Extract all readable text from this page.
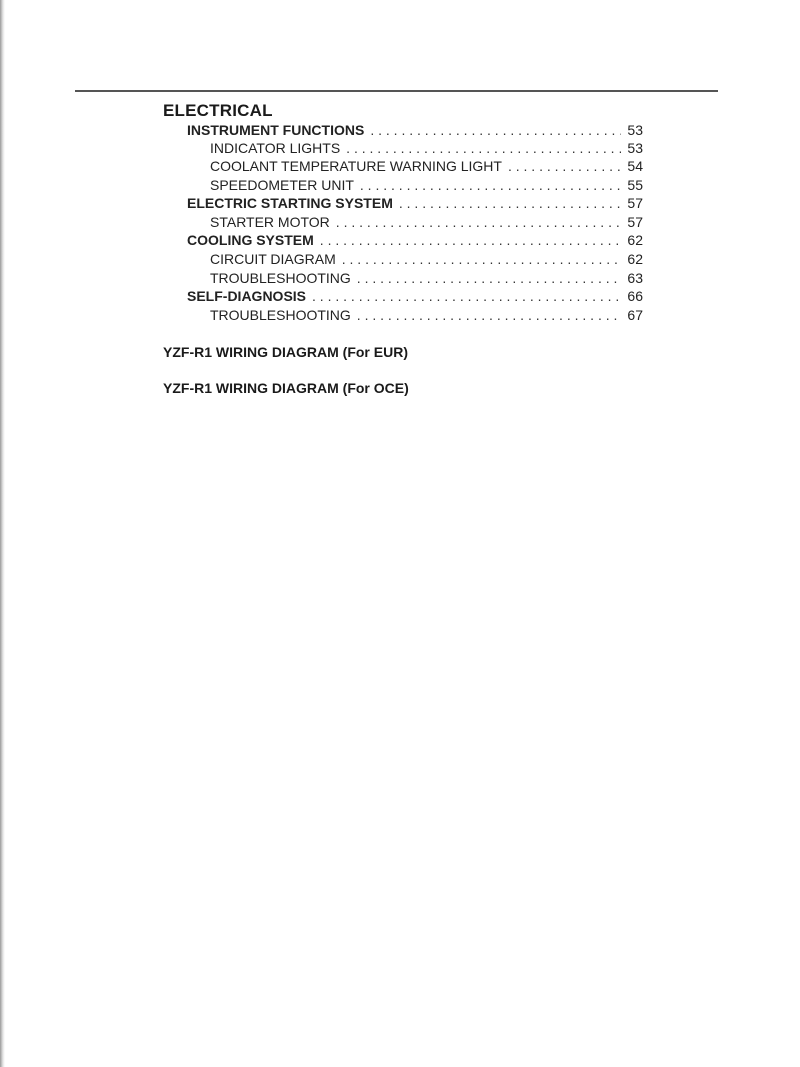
ELECTRICAL
INSTRUMENT FUNCTIONS . . .	53
INDICATOR LIGHTS . . .	53
COOLANT TEMPERATURE WARNING LIGHT . . .	54
SPEEDOMETER UNIT . . .	55
ELECTRIC STARTING SYSTEM . . .	57
STARTER MOTOR . . .	57
COOLING SYSTEM . . .	62
CIRCUIT DIAGRAM . . .	62
TROUBLESHOOTING . . .	63
SELF-DIAGNOSIS . . .	66
TROUBLESHOOTING . . .	67
YZF-R1 WIRING DIAGRAM (For EUR)
YZF-R1 WIRING DIAGRAM (For OCE)
